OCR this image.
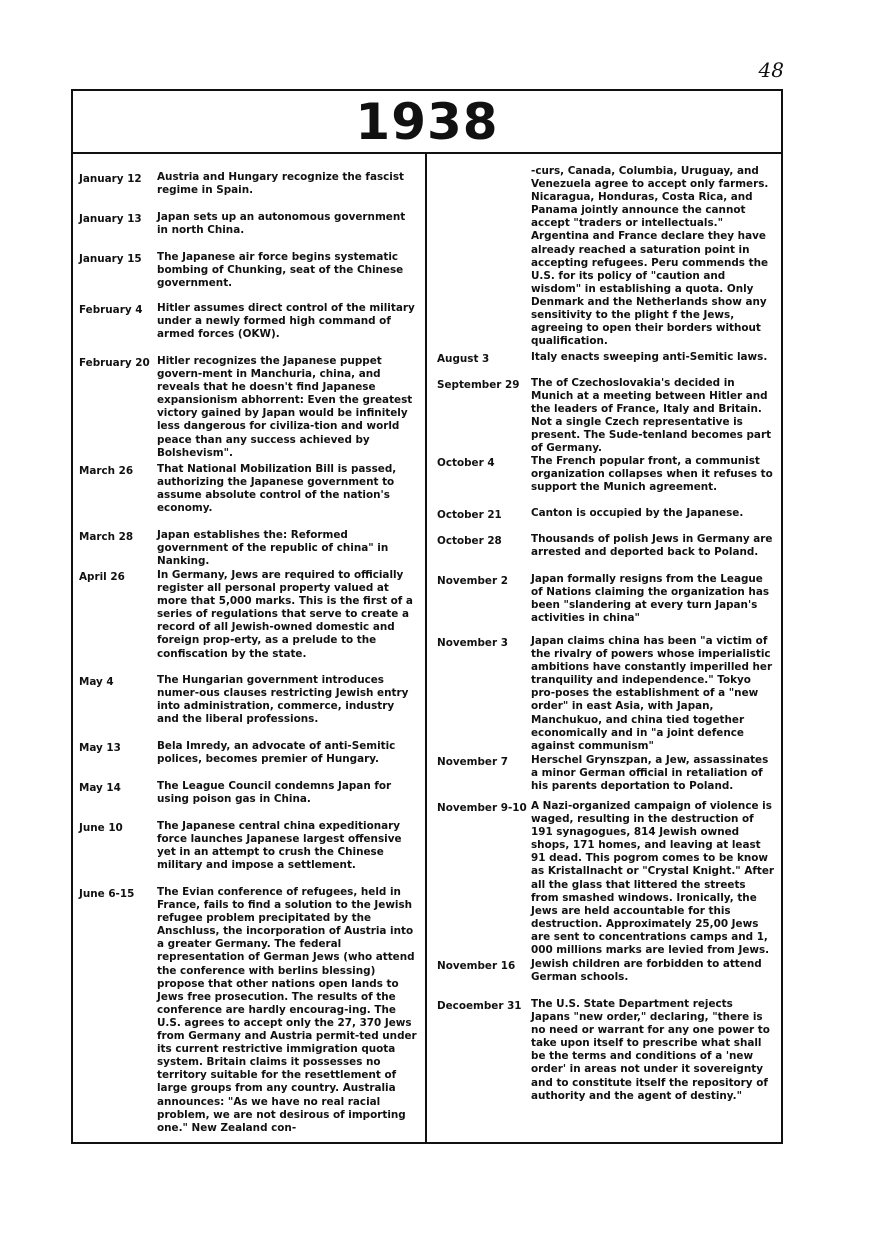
48
1938
January 12	Austria and Hungary recognize the fascist regime in Spain.
January 13	Japan sets up an autonomous government in north China.
January 15	The Japanese air force begins systematic bombing of Chunking, seat of the Chinese government.
February 4	Hitler assumes direct control of the military under a newly formed high command of armed forces (OKW).
February 20 Hitler recognizes the Japanese puppet govern-ment in Manchuria, china, and reveals that he doesn't find Japanese expansionism abhorrent: Even the greatest victory gained by Japan would be infinitely less dangerous for civiliza-tion and world peace than any success achieved by Bolshevism".
March 26	That National Mobilization Bill is passed, authorizing the Japanese government to assume absolute control of the nation's economy.
March 28	Japan establishes the: Reformed government of the republic of china" in Nanking.
April 26	In Germany, Jews are required to officially register all personal property valued at more that 5,000 marks. This is the first of a series of regulations that serve to create a record of all Jewish-owned domestic and foreign prop-erty, as a prelude to the confiscation by the state.
May 4	The Hungarian government introduces numer-ous clauses restricting Jewish entry into administration, commerce, industry and the liberal professions.
May 13	Bela Imredy, an advocate of anti-Semitic polices, becomes premier of Hungary.
May 14	The League Council condemns Japan for using poison gas in China.
June 10	The Japanese central china expeditionary force launches Japanese largest offensive yet in an attempt to crush the Chinese military and impose a settlement.
June 6-15	The Evian conference of refugees, held in France, fails to find a solution to the Jewish refugee problem precipitated by the Anschluss, the incorporation of Austria into a greater Germany. The federal representation of German Jews (who attend the conference with berlins blessing) propose that other nations open lands to Jews free prosecution. The results of the conference are hardly encourag-ing. The U.S. agrees to accept only the 27, 370 Jews from Germany and Austria permit-ted under its current restrictive immigration quota system. Britain claims it possesses no territory suitable for the resettlement of large groups from any country. Australia announces: "As we have no real racial problem, we are not desirous of importing one." New Zealand con-
-curs, Canada, Columbia, Uruguay, and Venezuela agree to accept only farmers. Nicaragua, Honduras, Costa Rica, and Panama jointly announce the cannot accept "traders or intellectuals." Argentina and France declare they have already reached a saturation point in accepting refugees. Peru commends the U.S. for its policy of "caution and wisdom" in establishing a quota. Only Denmark and the Netherlands show any sensitivity to the plight f the Jews, agreeing to open their borders without qualification.
August 3	Italy enacts sweeping anti-Semitic laws.
September 29	The of Czechoslovakia's decided in Munich at a meeting between Hitler and the leaders of France, Italy and Britain. Not a single Czech representative is present. The Sude-tenland becomes part of Germany.
October 4	The French popular front, a communist organization collapses when it refuses to support the Munich agreement.
October 21	Canton is occupied by the Japanese.
October 28	Thousands of polish Jews in Germany are arrested and deported back to Poland.
November 2	Japan formally resigns from the League of Nations claiming the organization has been "slandering at every turn Japan's activities in china"
November 3	Japan claims china has been "a victim of the rivalry of powers whose imperialistic ambitions have constantly imperilled her tranquility and independence." Tokyo pro-poses the establishment of a "new order" in east Asia, with Japan, Manchukuo, and china tied together economically and in "a joint defence against communism"
November 7	Herschel Grynszpan, a Jew, assassinates a minor German official in retaliation of his parents deportation to Poland.
November 9-10 A Nazi-organized campaign of violence is waged, resulting in the destruction of 191 synagogues, 814 Jewish owned shops, 171 homes, and leaving at least 91 dead. This pogrom comes to be know as Kristallnacht or "Crystal Knight." After all the glass that littered the streets from smashed windows. Ironically, the Jews are held accountable for this destruction. Approximately 25,00 Jews are sent to concentrations camps and 1, 000 millions marks are levied from Jews.
November 16	Jewish children are forbidden to attend German schools.
Decoember 31 The U.S. State Department rejects Japans "new order," declaring, "there is no need or warrant for any one power to take upon itself to prescribe what shall be the terms and conditions of a 'new order' in areas not under it sovereignty and to constitute itself the repository of authority and the agent of destiny."
